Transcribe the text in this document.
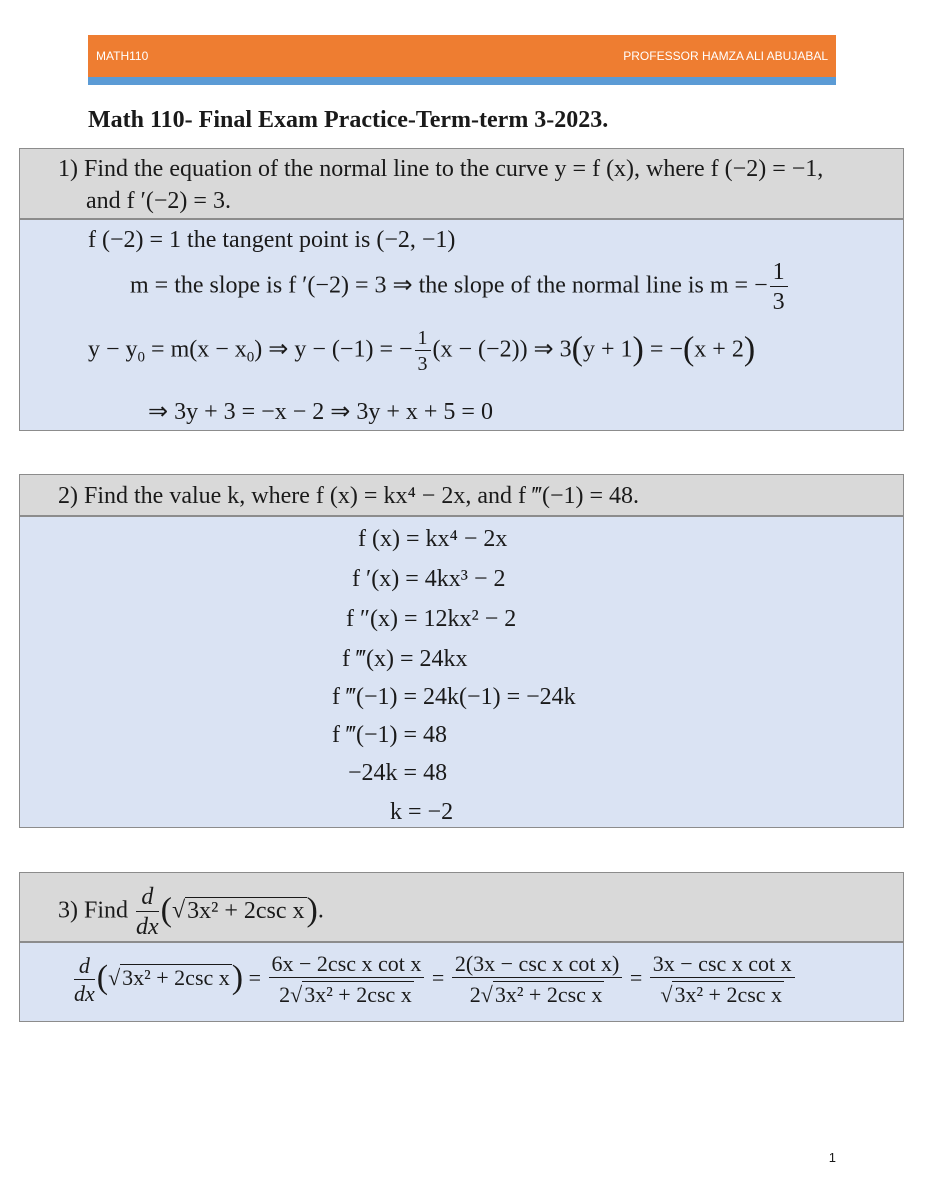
MATH110	PROFESSOR HAMZA ALI ABUJABAL
Math 110- Final Exam Practice-Term-term 3-2023.
1) Find the equation of the normal line to the curve y = f (x), where f (−2) = −1,
and f ′(−2) = 3.
f (−2) = 1 the tangent point is (−2, −1)
m = the slope is f ′(−2) = 3 ⇒ the slope of the normal line is m = − $\frac{1}{3}$
$y - y_0 = m(x - x_0)$ ⇒ y − (−1) = − $\frac{1}{3} (x - (-2))$ ⇒ 3(y + 1) = −(x + 2)
⇒ 3y + 3 = −x − 2 ⇒ 3y + x + 5 = 0
2) Find the value k, where f (x) = kx⁴ − 2x, and f ‴(−1) = 48.
f (x) = kx⁴ − 2x
f ′(x) = 4kx³ − 2
f ″(x) = 12kx² − 2
f ‴(x) = 24kx
f ‴(−1) = 24k(−1) = −24k
f ‴(−1) = 48
−24k = 48
k = −2
3) Find $\frac{d}{dx} (√3x^2 + 2\csc$ x).
$\frac{d}{dx} (√3x^2 + 2\csc$ $x) = \frac{\text{6x − 2csc x cot x}}{\text{2√3x² + 2csc x}} = \frac{\text{2(3x − csc x cot x)}}{\text{2√3x² + 2csc x}} = \frac{\text{3x − csc x cot x}}{\text{√3x² + 2csc x}}$
1
